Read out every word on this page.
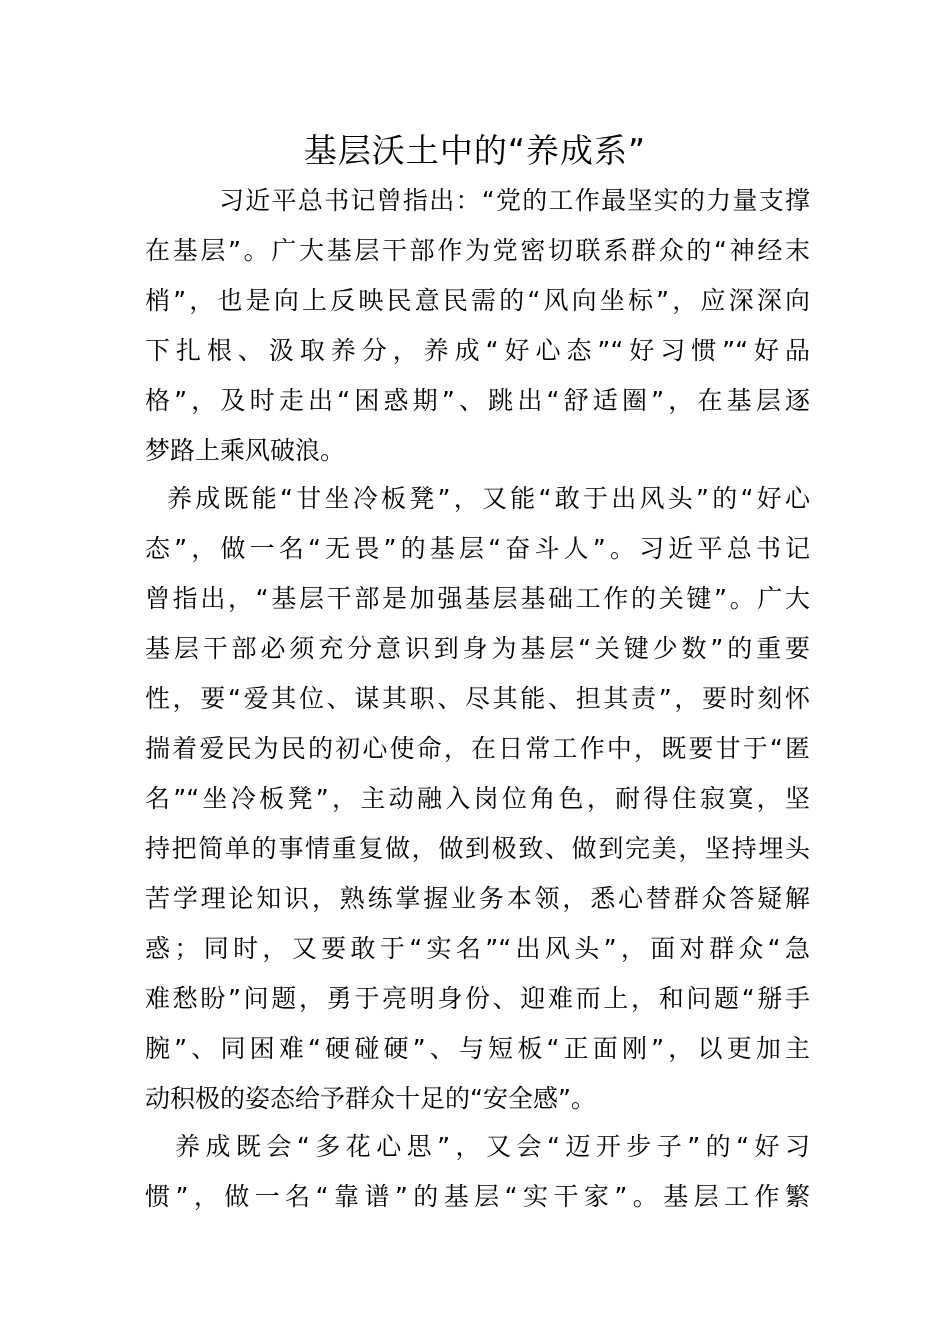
基层沃土中的“养成系”
习近平总书记曾指出：“党的工作最坚实的力量支撑
在基层”。广大基层干部作为党密切联系群众的“神经末
梢”，也是向上反映民意民需的“风向坐标”，应深深向
下扎根、汲取养分，养成“好心态”“好习惯”“好品
格”，及时走出“困惑期”、跳出“舒适圈”，在基层逐
梦路上乘风破浪。
养成既能“甘坐冷板凳”，又能“敢于出风头”的“好心
态”，做一名“无畏”的基层“奋斗人”。习近平总书记
曾指出，“基层干部是加强基层基础工作的关键”。广大
基层干部必须充分意识到身为基层“关键少数”的重要
性，要“爱其位、谋其职、尽其能、担其责”，要时刻怀
揣着爱民为民的初心使命，在日常工作中，既要甘于“匿
名”“坐冷板凳”，主动融入岗位角色，耐得住寂寞，坚
持把简单的事情重复做，做到极致、做到完美，坚持埋头
苦学理论知识，熟练掌握业务本领，悉心替群众答疑解
惑；同时，又要敢于“实名”“出风头”，面对群众“急
难愁盼”问题，勇于亮明身份、迎难而上，和问题“掰手
腕”、同困难“硬碰硬”、与短板“正面刚”，以更加主
动积极的姿态给予群众十足的“安全感”。
养成既会“多花心思”，又会“迈开步子”的“好习
惯”，做一名“靠谱”的基层“实干家”。基层工作繁
